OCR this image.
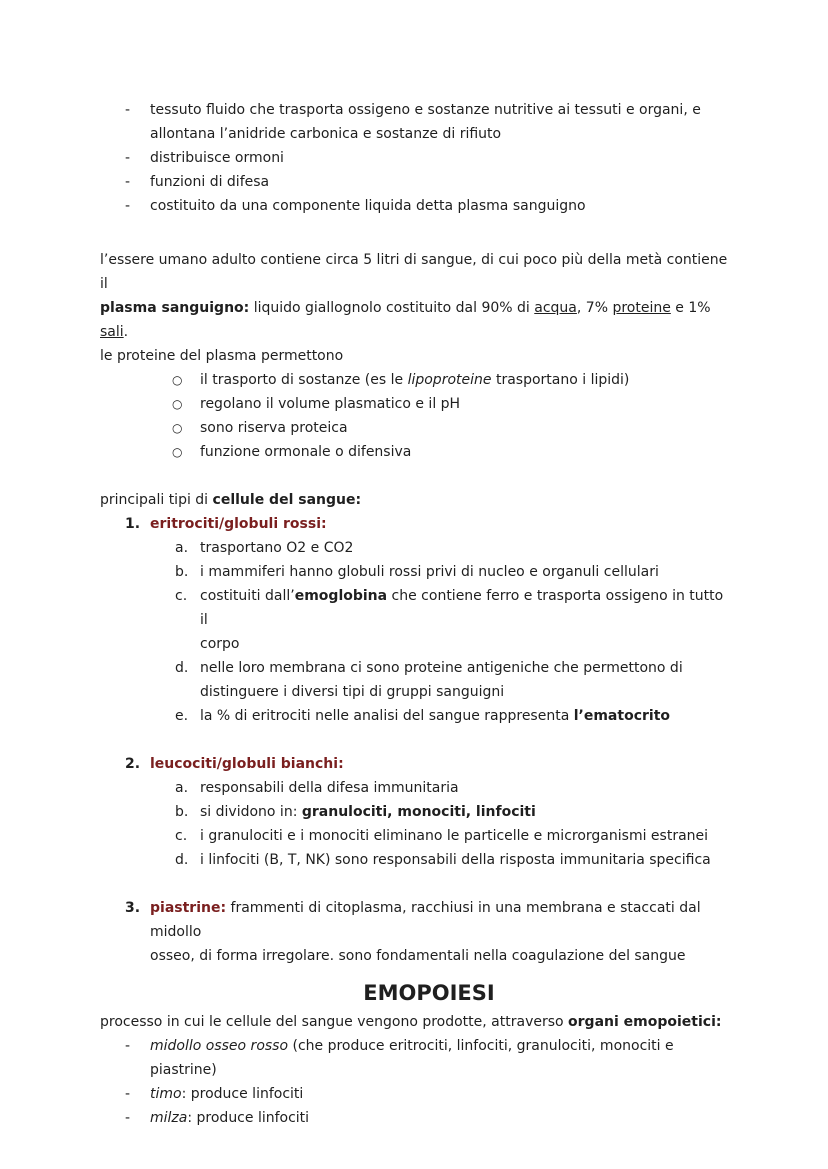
- tessuto fluido che trasporta ossigeno e sostanze nutritive ai tessuti e organi, e
allontana l’anidride carbonica e sostanze di rifiuto
- distribuisce ormoni
- funzioni di difesa
- costituito da una componente liquida detta plasma sanguigno

l’essere umano adulto contiene circa 5 litri di sangue, di cui poco più della metà contiene il
plasma sanguigno: liquido giallognolo costituito dal 90% di acqua, 7% proteine e 1% sali.
le proteine del plasma permettono

○ il trasporto di sostanze (es le lipoproteine trasportano i lipidi)
○ regolano il volume plasmatico e il pH
○ sono riserva proteica
○ funzione ormonale o difensiva

principali tipi di cellule del sangue:

1. eritrociti/globuli rossi:
a. trasportano O2 e CO2
b. i mammiferi hanno globuli rossi privi di nucleo e organuli cellulari
c. costituiti dall’emoglobina che contiene ferro e trasporta ossigeno in tutto il
corpo
d. nelle loro membrana ci sono proteine antigeniche che permettono di
distinguere i diversi tipi di gruppi sanguigni
e. la % di eritrociti nelle analisi del sangue rappresenta l’ematocrito
2. leucociti/globuli bianchi:
a. responsabili della difesa immunitaria
b. si dividono in: granulociti, monociti, linfociti
c. i granulociti e i monociti eliminano le particelle e microrganismi estranei
d. i linfociti (B, T, NK) sono responsabili della risposta immunitaria specifica
3. piastrine: frammenti di citoplasma, racchiusi in una membrana e staccati dal midollo
osseo, di forma irregolare. sono fondamentali nella coagulazione del sangue
EMOPOIESI

processo in cui le cellule del sangue vengono prodotte, attraverso organi emopoietici:

- midollo osseo rosso (che produce eritrociti, linfociti, granulociti, monociti e piastrine)
- timo: produce linfociti
- milza: produce linfociti
